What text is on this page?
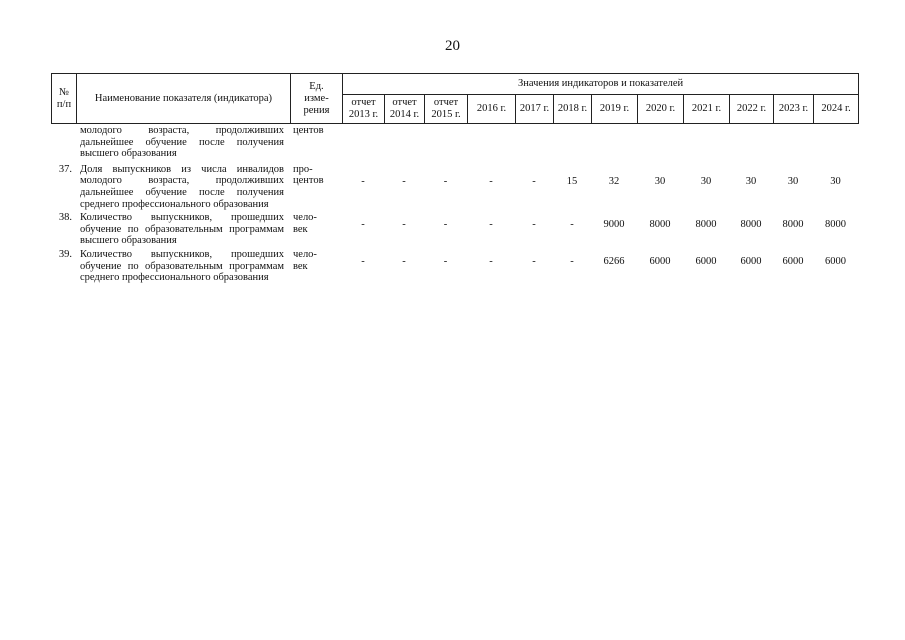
20
№
п/п	Наименование показателя (индикатора)	Ед.
изме-
рения	Значения индикаторов и показателей											
			отчет
2013 г.	отчет
2014 г.	отчет
2015 г.	2016 г.	2017 г.	2018 г.	2019 г.	2020 г.	2021 г.	2022 г.	2023 г.	2024 г.
	молодого возраста, продолживших дальнейшее обучение после получения высшего образования	центов												
37.	Доля выпускников из числа инвалидов молодого возраста, продолживших дальнейшее обучение после получения среднего профессионального образования	про-
центов	-	-	-	-	-	15	32	30	30	30	30	30
38.	Количество выпускников, прошедших обучение по образовательным программам высшего образования	чело-
век	-	-	-	-	-	-	9000	8000	8000	8000	8000	8000
39.	Количество выпускников, прошедших обучение по образовательным программам среднего профессионального образования	чело-
век	-	-	-	-	-	-	6266	6000	6000	6000	6000	6000
